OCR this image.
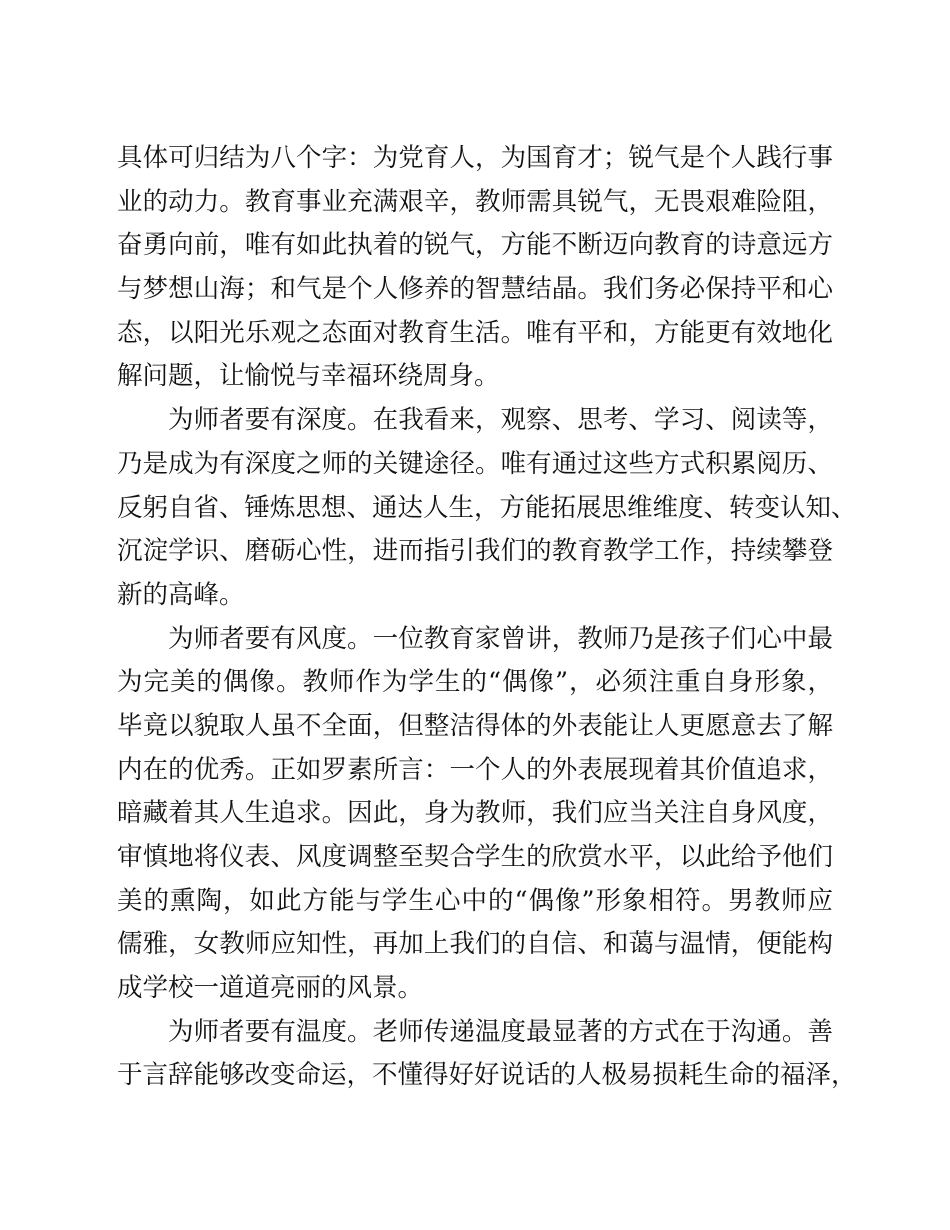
具体可归结为八个字：为党育人，为国育才；锐气是个人践行事
业的动力。教育事业充满艰辛，教师需具锐气，无畏艰难险阻，
奋勇向前，唯有如此执着的锐气，方能不断迈向教育的诗意远方
与梦想山海；和气是个人修养的智慧结晶。我们务必保持平和心
态，以阳光乐观之态面对教育生活。唯有平和，方能更有效地化
解问题，让愉悦与幸福环绕周身。
为师者要有深度。在我看来，观察、思考、学习、阅读等，
乃是成为有深度之师的关键途径。唯有通过这些方式积累阅历、
反躬自省、锤炼思想、通达人生，方能拓展思维维度、转变认知、
沉淀学识、磨砺心性，进而指引我们的教育教学工作，持续攀登
新的高峰。
为师者要有风度。一位教育家曾讲，教师乃是孩子们心中最
为完美的偶像。教师作为学生的“偶像”，必须注重自身形象，
毕竟以貌取人虽不全面，但整洁得体的外表能让人更愿意去了解
内在的优秀。正如罗素所言：一个人的外表展现着其价值追求，
暗藏着其人生追求。因此，身为教师，我们应当关注自身风度，
审慎地将仪表、风度调整至契合学生的欣赏水平，以此给予他们
美的熏陶，如此方能与学生心中的“偶像”形象相符。男教师应
儒雅，女教师应知性，再加上我们的自信、和蔼与温情，便能构
成学校一道道亮丽的风景。
为师者要有温度。老师传递温度最显著的方式在于沟通。善
于言辞能够改变命运，不懂得好好说话的人极易损耗生命的福泽，
